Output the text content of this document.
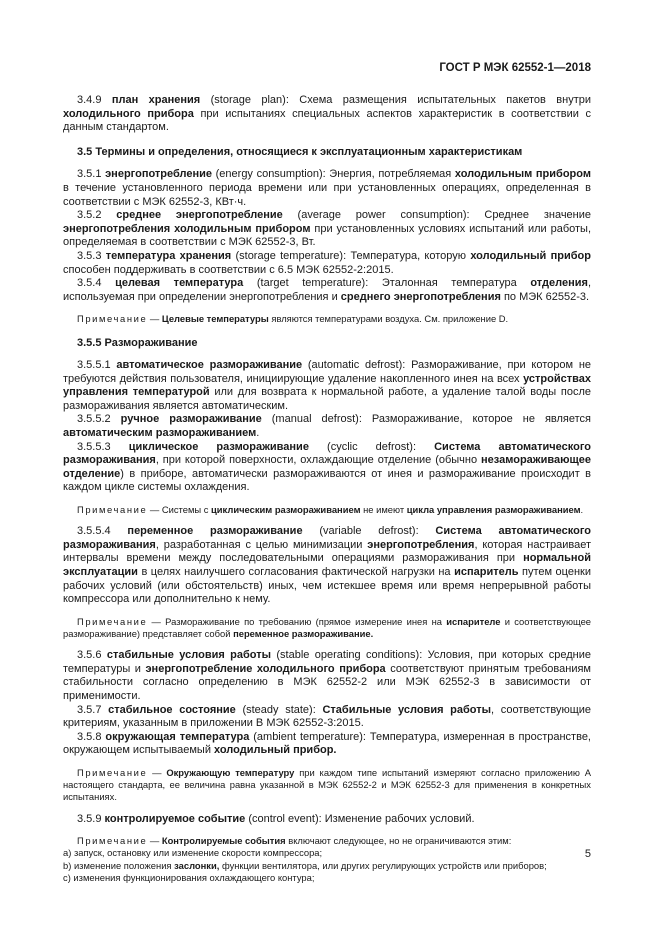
ГОСТ Р МЭК 62552-1—2018

3.4.9 план хранения (storage plan): Схема размещения испытательных пакетов внутри холодильного прибора при испытаниях специальных аспектов характеристик в соответствии с данным стандартом.

3.5 Термины и определения, относящиеся к эксплуатационным характеристикам

3.5.1 энергопотребление (energy consumption): Энергия, потребляемая холодильным прибором в течение установленного периода времени или при установленных операциях, определенная в соответствии с МЭК 62552-3, КВт·ч.

3.5.2 среднее энергопотребление (average power consumption): Среднее значение энергопотребления холодильным прибором при установленных условиях испытаний или работы, определяемая в соответствии с МЭК 62552-3, Вт.

3.5.3 температура хранения (storage temperature): Температура, которую холодильный прибор способен поддерживать в соответствии с 6.5 МЭК 62552-2:2015.

3.5.4 целевая температура (target temperature): Эталонная температура отделения, используемая при определении энергопотребления и среднего энергопотребления по МЭК 62552-3.

Примечание — Целевые температуры являются температурами воздуха. См. приложение D.

3.5.5 Размораживание

3.5.5.1 автоматическое размораживание (automatic defrost): Размораживание, при котором не требуются действия пользователя, инициирующие удаление накопленного инея на всех устройствах управления температурой или для возврата к нормальной работе, а удаление талой воды после размораживания является автоматическим.

3.5.5.2 ручное размораживание (manual defrost): Размораживание, которое не является автоматическим размораживанием.

3.5.5.3 циклическое размораживание (cyclic defrost): Система автоматического размораживания, при которой поверхности, охлаждающие отделение (обычно незамораживающее отделение) в приборе, автоматически размораживаются от инея и размораживание происходит в каждом цикле системы охлаждения.

Примечание — Системы с циклическим размораживанием не имеют цикла управления размораживанием.

3.5.5.4 переменное размораживание (variable defrost): Система автоматического размораживания, разработанная с целью минимизации энергопотребления, которая настраивает интервалы времени между последовательными операциями размораживания при нормальной эксплуатации в целях наилучшего согласования фактической нагрузки на испаритель путем оценки рабочих условий (или обстоятельств) иных, чем истекшее время или время непрерывной работы компрессора или дополнительно к нему.

Примечание — Размораживание по требованию (прямое измерение инея на испарителе и соответствующее размораживание) представляет собой переменное размораживание.

3.5.6 стабильные условия работы (stable operating conditions): Условия, при которых средние температуры и энергопотребление холодильного прибора соответствуют принятым требованиям стабильности согласно определению в МЭК 62552-2 или МЭК 62552-3 в зависимости от применимости.

3.5.7 стабильное состояние (steady state): Стабильные условия работы, соответствующие критериям, указанным в приложении В МЭК 62552-3:2015.

3.5.8 окружающая температура (ambient temperature): Температура, измеренная в пространстве, окружающем испытываемый холодильный прибор.

Примечание — Окружающую температуру при каждом типе испытаний измеряют согласно приложению А настоящего стандарта, ее величина равна указанной в МЭК 62552-2 и МЭК 62552-3 для применения в конкретных испытаниях.

3.5.9 контролируемое событие (control event): Изменение рабочих условий.

Примечание — Контролируемые события включают следующее, но не ограничиваются этим:

а) запуск, остановку или изменение скорости компрессора;

b) изменение положения заслонки, функции вентилятора, или других регулирующих устройств или приборов;

с) изменения функционирования охлаждающего контура;

5
